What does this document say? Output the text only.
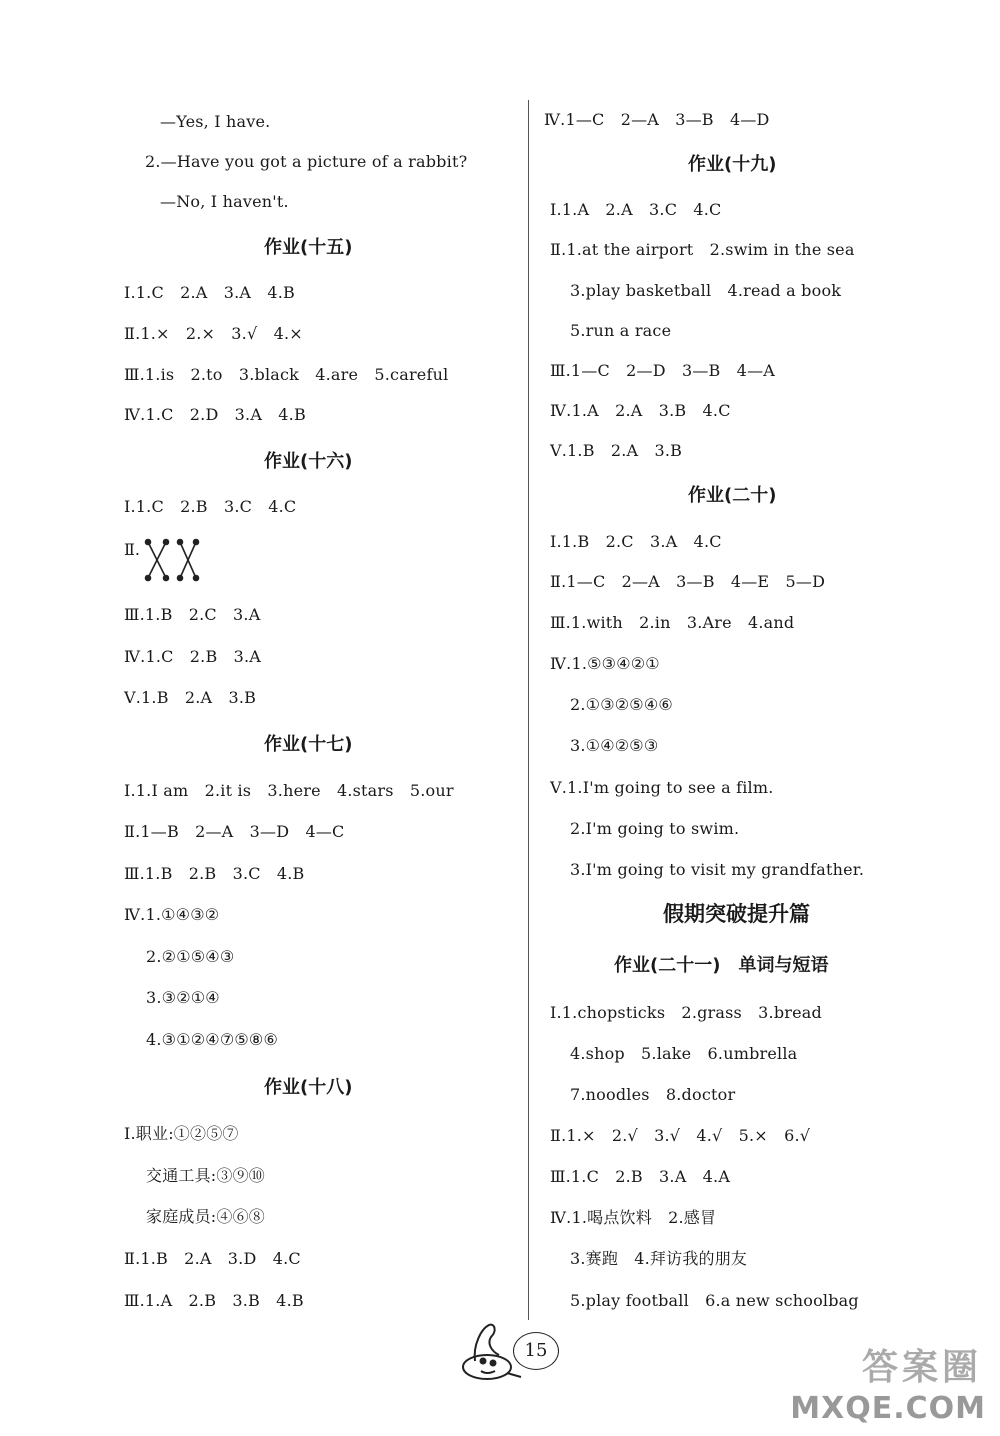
—Yes, I have.
2.—Have you got a picture of a rabbit?
—No, I haven't.
作业(十五)
Ⅰ.1.C　2.A　3.A　4.B
Ⅱ.1.×　2.×　3.√　4.×
Ⅲ.1.is　2.to　3.black　4.are　5.careful
Ⅳ.1.C　2.D　3.A　4.B
作业(十六)
Ⅰ.1.C　2.B　3.C　4.C
Ⅱ.
Ⅲ.1.B　2.C　3.A
Ⅳ.1.C　2.B　3.A
Ⅴ.1.B　2.A　3.B
作业(十七)
Ⅰ.1.I am　2.it is　3.here　4.stars　5.our
Ⅱ.1—B　2—A　3—D　4—C
Ⅲ.1.B　2.B　3.C　4.B
Ⅳ.1.①④③②
2.②①⑤④③
3.③②①④
4.③①②④⑦⑤⑧⑥
作业(十八)
Ⅰ.职业:①②⑤⑦
交通工具:③⑨⑩
家庭成员:④⑥⑧
Ⅱ.1.B　2.A　3.D　4.C
Ⅲ.1.A　2.B　3.B　4.B
Ⅳ.1—C　2—A　3—B　4—D
作业(十九)
Ⅰ.1.A　2.A　3.C　4.C
Ⅱ.1.at the airport　2.swim in the sea
3.play basketball　4.read a book
5.run a race
Ⅲ.1—C　2—D　3—B　4—A
Ⅳ.1.A　2.A　3.B　4.C
Ⅴ.1.B　2.A　3.B
作业(二十)
Ⅰ.1.B　2.C　3.A　4.C
Ⅱ.1—C　2—A　3—B　4—E　5—D
Ⅲ.1.with　2.in　3.Are　4.and
Ⅳ.1.⑤③④②①
2.①③②⑤④⑥
3.①④②⑤③
Ⅴ.1.I'm going to see a film.
2.I'm going to swim.
3.I'm going to visit my grandfather.
假期突破提升篇
作业(二十一)　单词与短语
Ⅰ.1.chopsticks　2.grass　3.bread
4.shop　5.lake　6.umbrella
7.noodles　8.doctor
Ⅱ.1.×　2.√　3.√　4.√　5.×　6.√
Ⅲ.1.C　2.B　3.A　4.A
Ⅳ.1.喝点饮料　2.感冒
3.赛跑　4.拜访我的朋友
5.play football　6.a new schoolbag
15	答案圈
MXQE.COM
